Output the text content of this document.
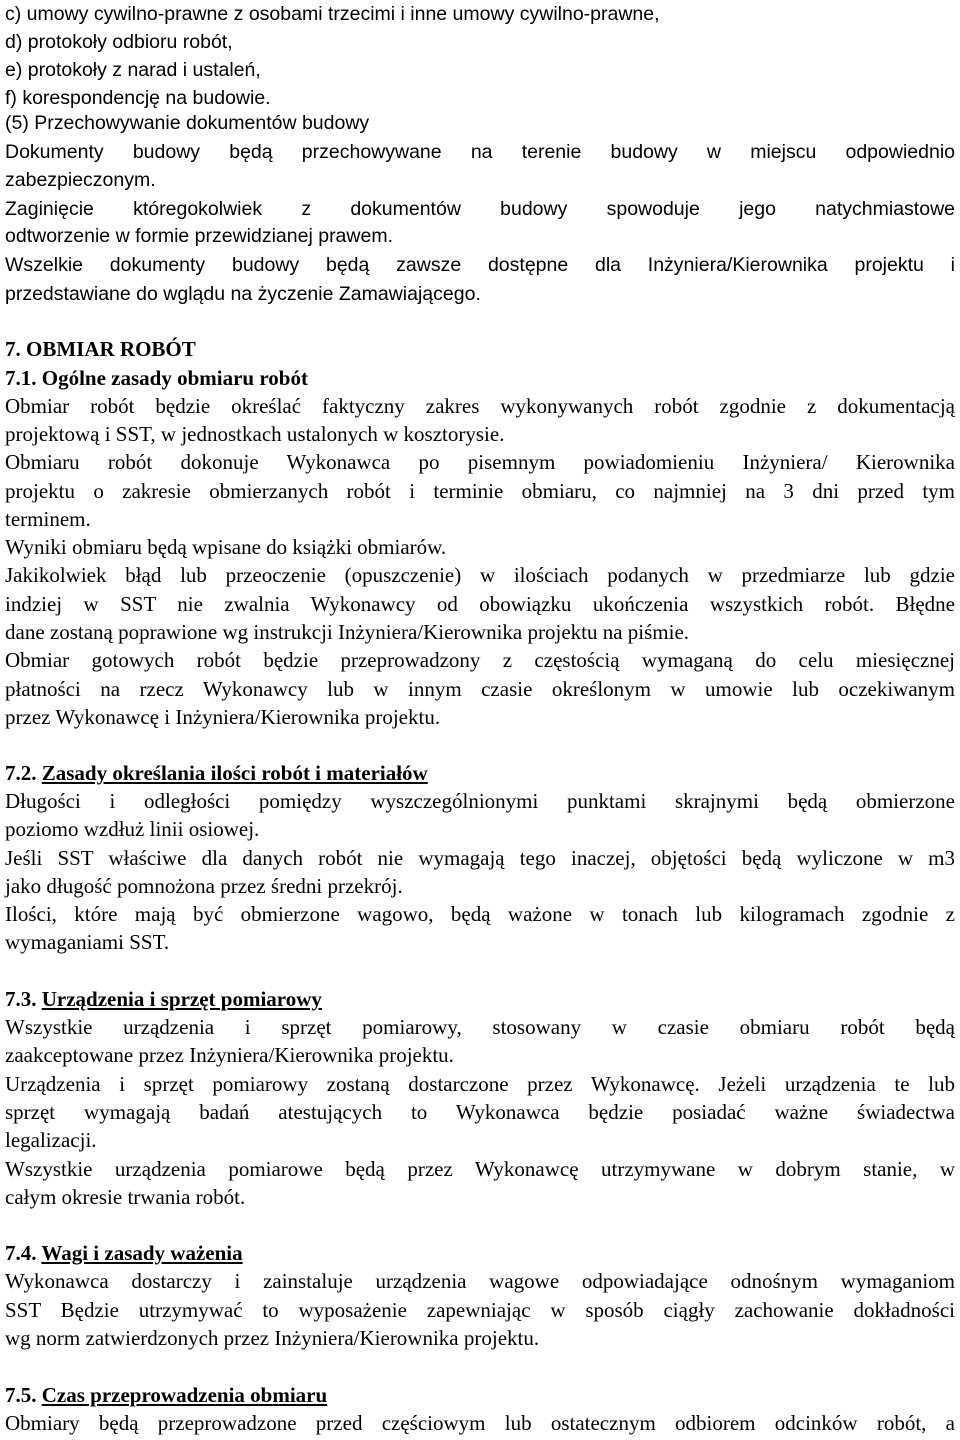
c) umowy cywilno-prawne z osobami trzecimi i inne umowy cywilno-prawne,
d) protokoły odbioru robót,
e) protokoły z narad i ustaleń,
f) korespondencję na budowie.
(5) Przechowywanie dokumentów budowy
Dokumenty budowy będą przechowywane na terenie budowy w miejscu odpowiednio
zabezpieczonym.
Zaginięcie któregokolwiek z dokumentów budowy spowoduje jego natychmiastowe
odtworzenie w formie przewidzianej prawem.
Wszelkie dokumenty budowy będą zawsze dostępne dla Inżyniera/Kierownika projektu i
przedstawiane do wglądu na życzenie Zamawiającego.
7. OBMIAR ROBÓT
7.1. Ogólne zasady obmiaru robót
Obmiar robót będzie określać faktyczny zakres wykonywanych robót zgodnie z dokumentacją
projektową i SST, w jednostkach ustalonych w kosztorysie.
Obmiaru robót dokonuje Wykonawca po pisemnym powiadomieniu Inżyniera/ Kierownika
projektu o zakresie obmierzanych robót i terminie obmiaru, co najmniej na 3 dni przed tym
terminem.
Wyniki obmiaru będą wpisane do książki obmiarów.
Jakikolwiek błąd lub przeoczenie (opuszczenie) w ilościach podanych w przedmiarze lub gdzie
indziej w SST nie zwalnia Wykonawcy od obowiązku ukończenia wszystkich robót. Błędne
dane zostaną poprawione wg instrukcji Inżyniera/Kierownika projektu na piśmie.
Obmiar gotowych robót będzie przeprowadzony z częstością wymaganą do celu miesięcznej
płatności na rzecz Wykonawcy lub w innym czasie określonym w umowie lub oczekiwanym
przez Wykonawcę i Inżyniera/Kierownika projektu.
7.2. Zasady określania ilości robót i materiałów
Długości i odległości pomiędzy wyszczególnionymi punktami skrajnymi będą obmierzone
poziomo wzdłuż linii osiowej.
Jeśli SST właściwe dla danych robót nie wymagają tego inaczej, objętości będą wyliczone w m3
jako długość pomnożona przez średni przekrój.
Ilości, które mają być obmierzone wagowo, będą ważone w tonach lub kilogramach zgodnie z
wymaganiami SST.
7.3. Urządzenia i sprzęt pomiarowy
Wszystkie urządzenia i sprzęt pomiarowy, stosowany w czasie obmiaru robót będą
zaakceptowane przez Inżyniera/Kierownika projektu.
Urządzenia i sprzęt pomiarowy zostaną dostarczone przez Wykonawcę. Jeżeli urządzenia te lub
sprzęt wymagają badań atestujących to Wykonawca będzie posiadać ważne świadectwa
legalizacji.
Wszystkie urządzenia pomiarowe będą przez Wykonawcę utrzymywane w dobrym stanie, w
całym okresie trwania robót.
7.4. Wagi i zasady ważenia
Wykonawca dostarczy i zainstaluje urządzenia wagowe odpowiadające odnośnym wymaganiom
SST Będzie utrzymywać to wyposażenie zapewniając w sposób ciągły zachowanie dokładności
wg norm zatwierdzonych przez Inżyniera/Kierownika projektu.
7.5. Czas przeprowadzenia obmiaru
Obmiary będą przeprowadzone przed częściowym lub ostatecznym odbiorem odcinków robót, a
